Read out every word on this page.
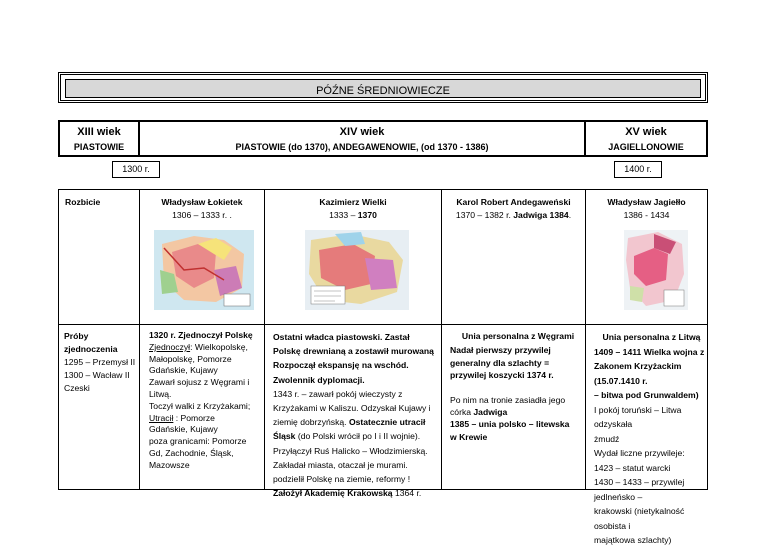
PÓŹNE ŚREDNIOWIECZE
XIII wiek
PIASTOWIE
XIV wiek
PIASTOWIE (do 1370), ANDEGAWENOWIE, (od 1370 - 1386)
XV wiek
JAGIELLONOWIE
1300 r.	1400 r.
Rozbicie
Próby
zjednoczenia
1295 – Przemysł II
1300 – Wacław II
Czeski
Władysław Łokietek
1306 – 1333 r. .
1320 r. Zjednoczył Polskę
Zjednoczył: Wielkopolskę,
Małopolskę, Pomorze
Gdańskie, Kujawy
Zawarł sojusz z Węgrami i
Litwą.
Toczył walki z Krzyżakami;
Utracił : Pomorze
Gdańskie, Kujawy
poza granicami: Pomorze
Gd, Zachodnie, Śląsk,
Mazowsze
Kazimierz Wielki
1333 – 1370
Ostatni władca piastowski. Zastał
Polskę drewnianą a zostawił murowaną
Rozpoczął ekspansję na wschód.
Zwolennik dyplomacji.
1343 r. – zawarł pokój wieczysty z
Krzyżakami w Kaliszu. Odzyskał Kujawy i
ziemię dobrzyńską. Ostatecznie utracił
Śląsk (do Polski wrócił po I i II wojnie).
Przyłączył Ruś Halicko – Włodzimierską.
Zakładał miasta, otaczał je murami.
podzielił Polskę na ziemie, reformy !
Założył Akademię Krakowską 1364 r.
Karol Robert Andegaweński
1370 – 1382 r. Jadwiga 1384.
Unia personalna z Węgrami
Nadał pierwszy przywilej
generalny dla szlachty =
przywilej koszycki 1374 r.
Po nim na tronie zasiadła jego
córka Jadwiga
1385 – unia polsko – litewska
w Krewie
Władysław Jagiełło
1386 - 1434
Unia personalna z Litwą
1409 – 1411 Wielka wojna z
Zakonem Krzyżackim (15.07.1410 r.
– bitwa pod Grunwaldem)
I pokój toruński – Litwa odzyskała
żmudź
Wydał liczne przywileje:
1423 – statut warcki
1430 – 1433 – przywilej jedlneńsko –
krakowski (nietykalność osobista i
majątkowa szlachty)
